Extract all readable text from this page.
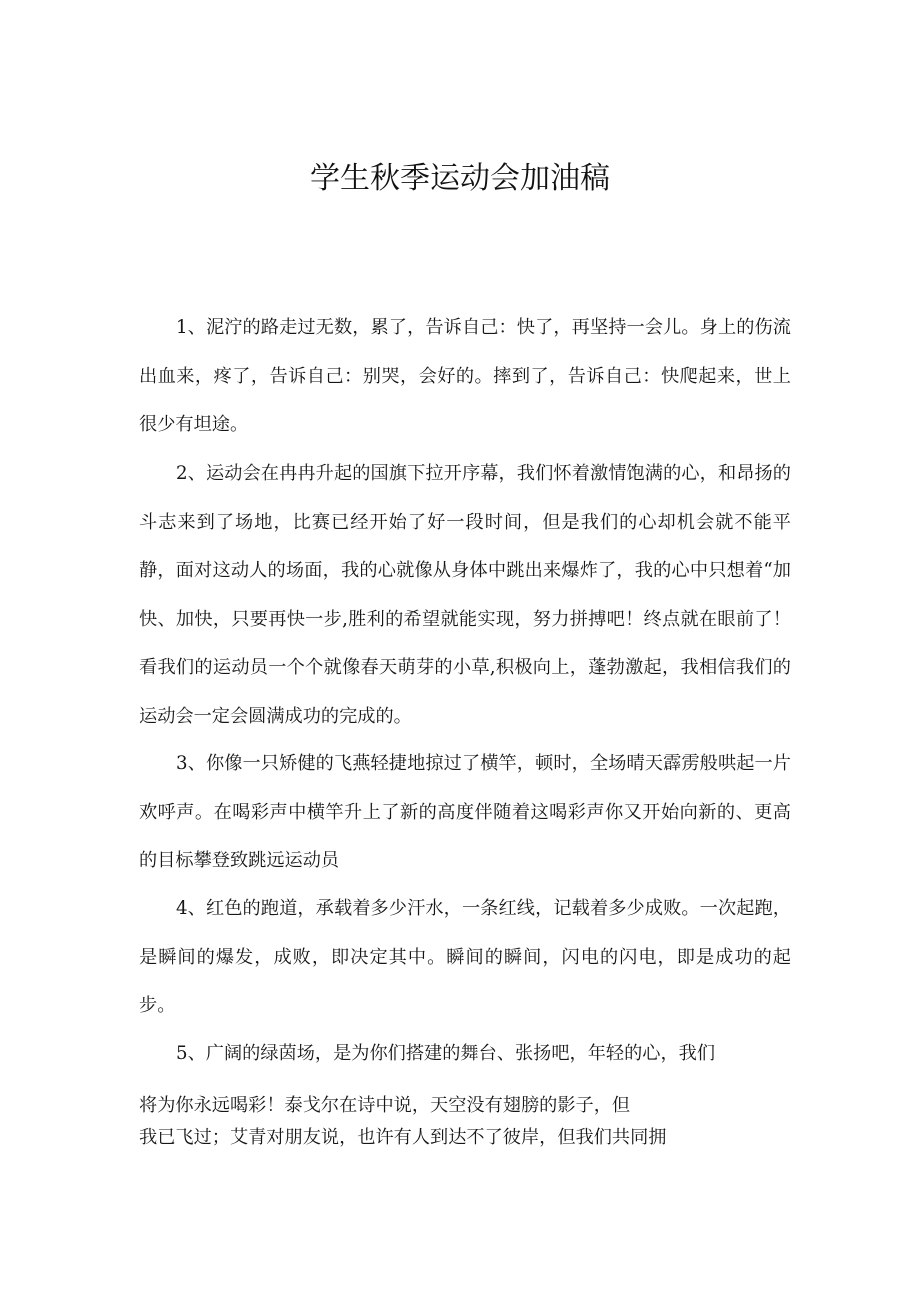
学生秋季运动会加油稿

1、泥泞的路走过无数，累了，告诉自己：快了，再坚持一会儿。身上的伤流出血来，疼了，告诉自己：别哭，会好的。摔到了，告诉自己：快爬起来，世上很少有坦途。

2、运动会在冉冉升起的国旗下拉开序幕，我们怀着激情饱满的心，和昂扬的斗志来到了场地，比赛已经开始了好一段时间，但是我们的心却机会就不能平静，面对这动人的场面，我的心就像从身体中跳出来爆炸了，我的心中只想着“加快、加快，只要再快一步,胜利的希望就能实现，努力拼搏吧！终点就在眼前了！看我们的运动员一个个就像春天萌芽的小草,积极向上，蓬勃激起，我相信我们的运动会一定会圆满成功的完成的。

3、你像一只矫健的飞燕轻捷地掠过了横竿，顿时，全场晴天霹雳般哄起一片欢呼声。在喝彩声中横竿升上了新的高度伴随着这喝彩声你又开始向新的、更高的目标攀登致跳远运动员

4、红色的跑道，承载着多少汗水，一条红线，记载着多少成败。一次起跑，是瞬间的爆发，成败，即决定其中。瞬间的瞬间，闪电的闪电，即是成功的起步。

5、广阔的绿茵场，是为你们搭建的舞台、张扬吧，年轻的心，我们

将为你永远喝彩！泰戈尔在诗中说，天空没有翅膀的影子，但

我已飞过；艾青对朋友说，也许有人到达不了彼岸，但我们共同拥
